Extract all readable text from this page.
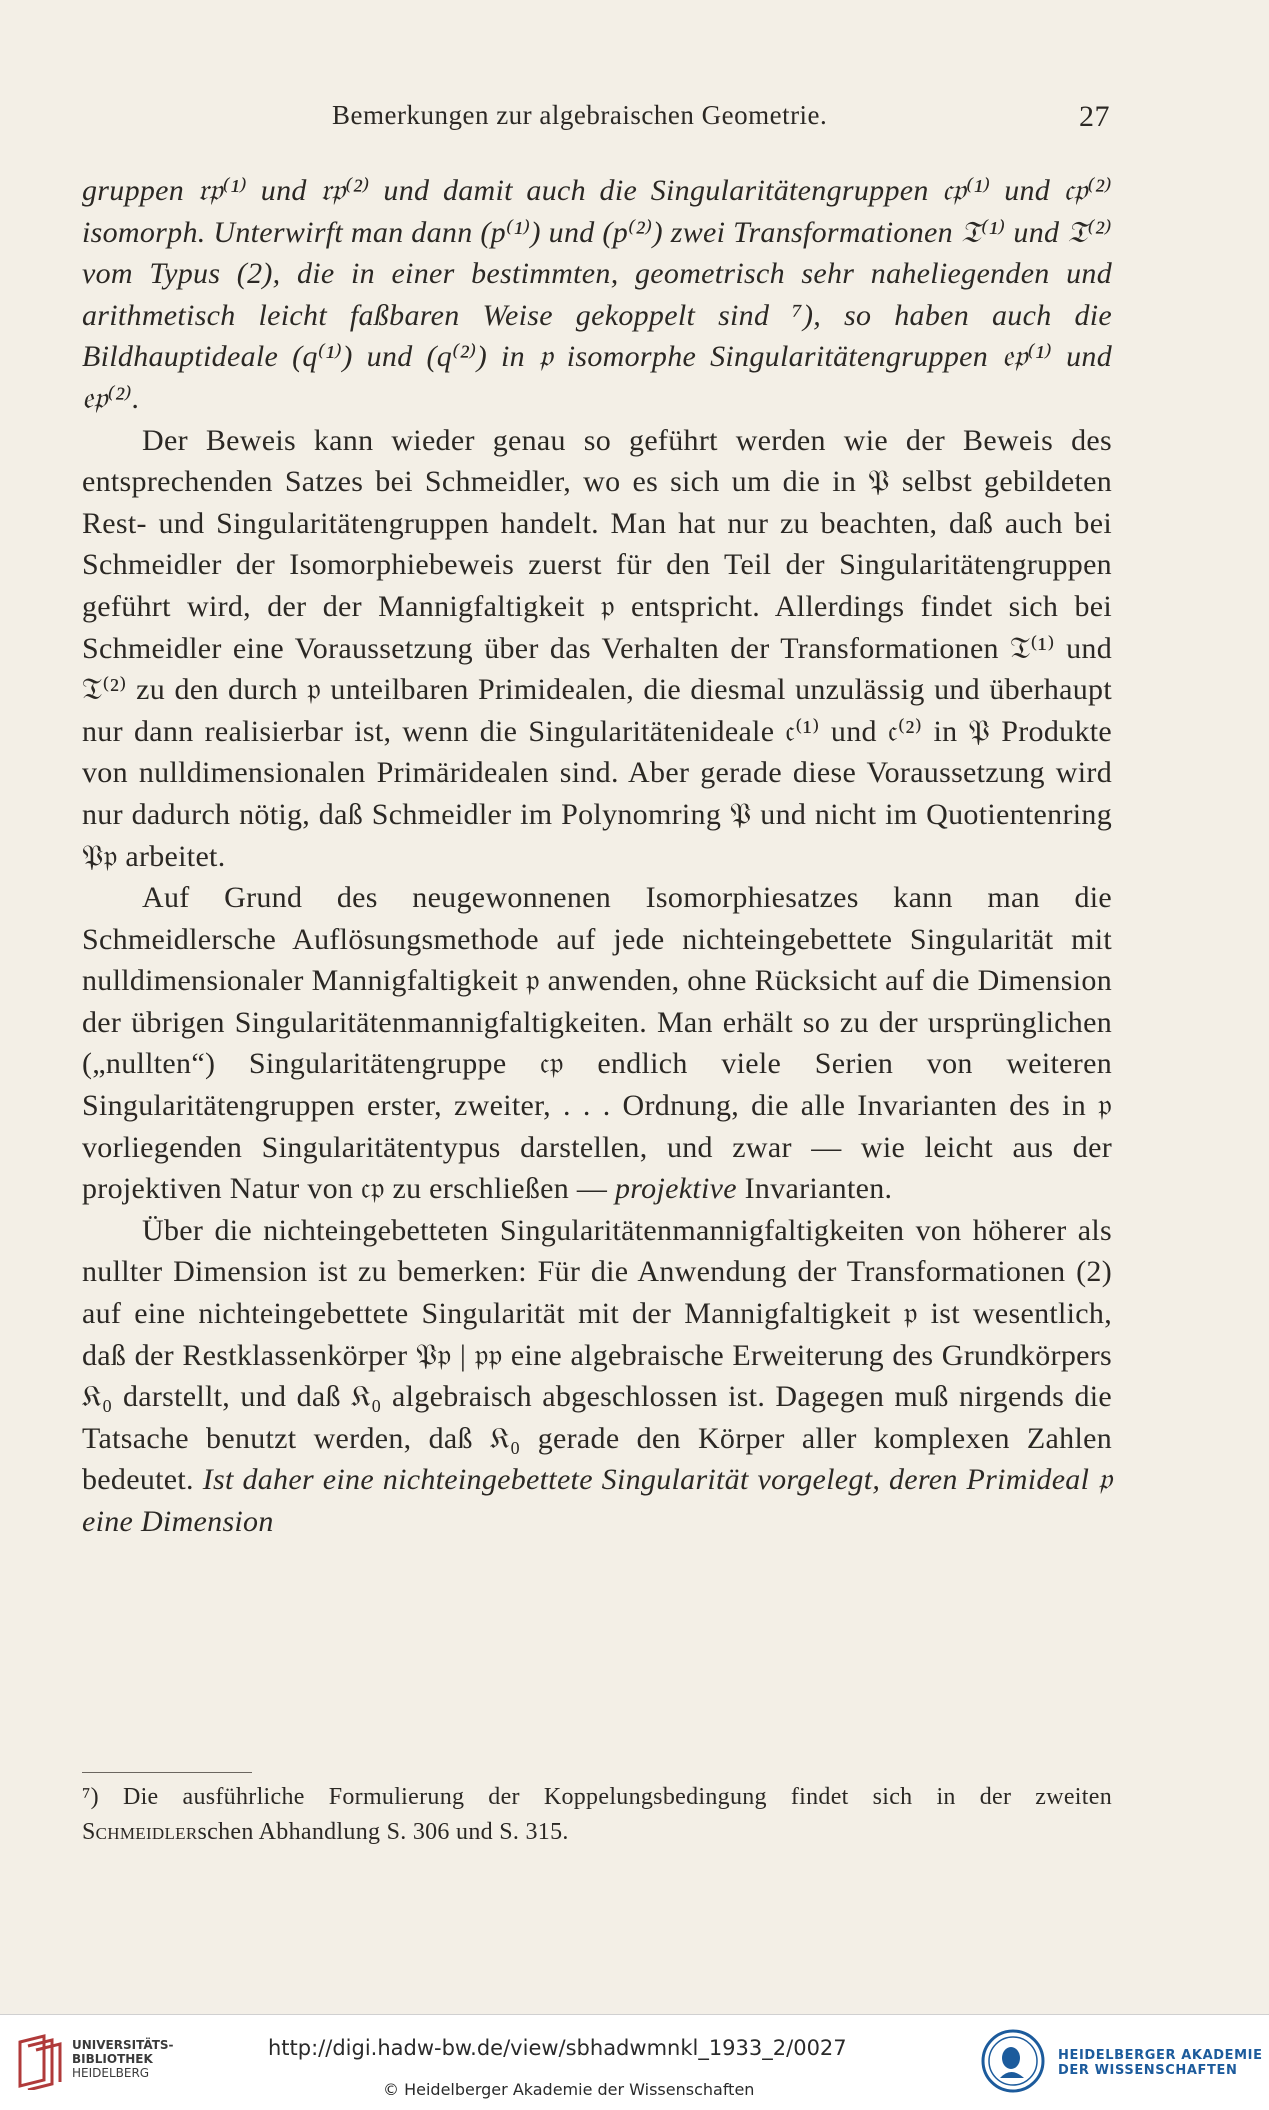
Bemerkungen zur algebraischen Geometrie.	27

gruppen 𝔯𝔭⁽¹⁾ und 𝔯𝔭⁽²⁾ und damit auch die Singularitätengruppen 𝔠𝔭⁽¹⁾ und 𝔠𝔭⁽²⁾ isomorph. Unterwirft man dann (p⁽¹⁾) und (p⁽²⁾) zwei Transformationen 𝔗⁽¹⁾ und 𝔗⁽²⁾ vom Typus (2), die in einer bestimmten, geometrisch sehr naheliegenden und arithmetisch leicht faßbaren Weise gekoppelt sind ⁷), so haben auch die Bildhauptideale (q⁽¹⁾) und (q⁽²⁾) in 𝔭 isomorphe Singularitätengruppen 𝔢𝔭⁽¹⁾ und 𝔢𝔭⁽²⁾.

Der Beweis kann wieder genau so geführt werden wie der Beweis des entsprechenden Satzes bei Schmeidler, wo es sich um die in 𝔓 selbst gebildeten Rest- und Singularitätengruppen handelt. Man hat nur zu beachten, daß auch bei Schmeidler der Isomorphiebeweis zuerst für den Teil der Singularitätengruppen geführt wird, der der Mannigfaltigkeit 𝔭 entspricht. Allerdings findet sich bei Schmeidler eine Voraussetzung über das Verhalten der Transformationen 𝔗⁽¹⁾ und 𝔗⁽²⁾ zu den durch 𝔭 unteilbaren Primidealen, die diesmal unzulässig und überhaupt nur dann realisierbar ist, wenn die Singularitätenideale 𝔠⁽¹⁾ und 𝔠⁽²⁾ in 𝔓 Produkte von nulldimensionalen Primäridealen sind. Aber gerade diese Voraussetzung wird nur dadurch nötig, daß Schmeidler im Polynomring 𝔓 und nicht im Quotientenring 𝔓𝔭 arbeitet.

Auf Grund des neugewonnenen Isomorphiesatzes kann man die Schmeidlersche Auflösungsmethode auf jede nichteingebettete Singularität mit nulldimensionaler Mannigfaltigkeit 𝔭 anwenden, ohne Rücksicht auf die Dimension der übrigen Singularitätenmannigfaltigkeiten. Man erhält so zu der ursprünglichen („nullten“) Singularitätengruppe 𝔠𝔭 endlich viele Serien von weiteren Singularitätengruppen erster, zweiter, . . . Ordnung, die alle Invarianten des in 𝔭 vorliegenden Singularitätentypus darstellen, und zwar — wie leicht aus der projektiven Natur von 𝔠𝔭 zu erschließen — projektive Invarianten.

Über die nichteingebetteten Singularitätenmannigfaltigkeiten von höherer als nullter Dimension ist zu bemerken: Für die Anwendung der Transformationen (2) auf eine nichteingebettete Singularität mit der Mannigfaltigkeit 𝔭 ist wesentlich, daß der Restklassenkörper 𝔓𝔭 | 𝔭𝔭 eine algebraische Erweiterung des Grundkörpers 𝔎₀ darstellt, und daß 𝔎₀ algebraisch abgeschlossen ist. Dagegen muß nirgends die Tatsache benutzt werden, daß 𝔎₀ gerade den Körper aller komplexen Zahlen bedeutet. Ist daher eine nichteingebettete Singularität vorgelegt, deren Primideal 𝔭 eine Dimension

⁷) Die ausführliche Formulierung der Koppelungsbedingung findet sich in der zweiten Schmeidlerschen Abhandlung S. 306 und S. 315.
UNIVERSITÄTS-
BIBLIOTHEK
HEIDELBERG
http://digi.hadw-bw.de/view/sbhadwmnkl_1933_2/0027
© Heidelberger Akademie der Wissenschaften
HEIDELBERGER AKADEMIE
DER WISSENSCHAFTEN
